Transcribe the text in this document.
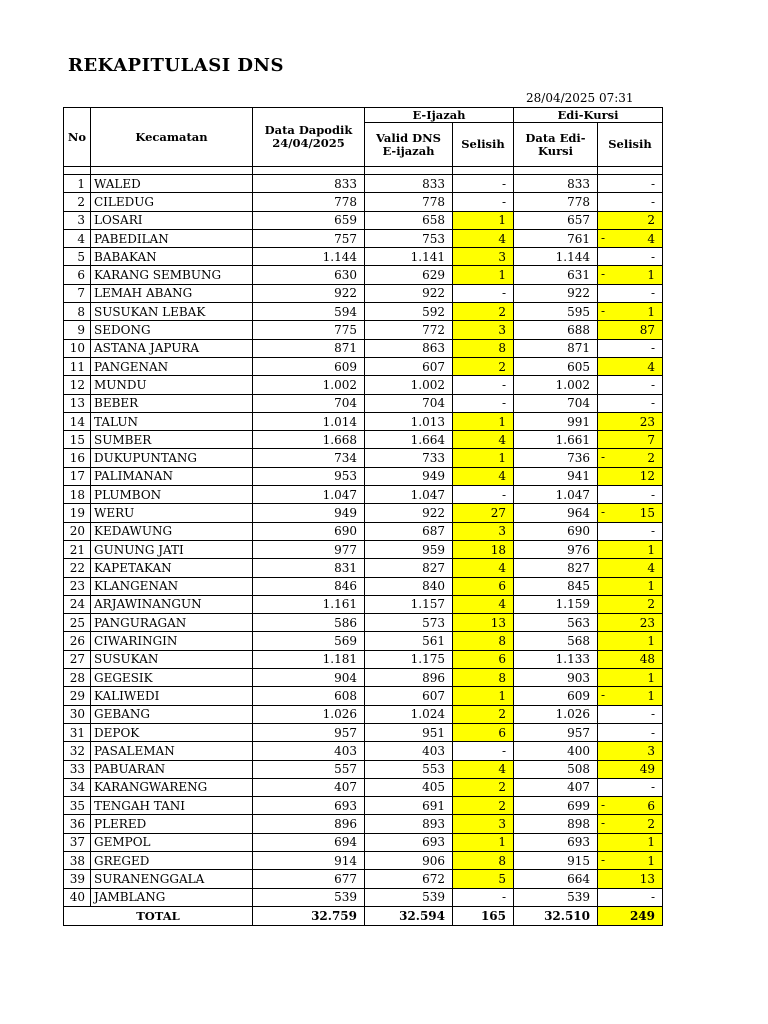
REKAPITULASI DNS
28/04/2025 07:31
No	Kecamatan	Data Dapodik 24/04/2025	E-Ijazah		Edi-Kursi	
			Valid DNS E-ijazah	Selisih	Data Edi-Kursi	Selisih

1	WALED	833	833	-	833	-
2	CILEDUG	778	778	-	778	-
3	LOSARI	659	658	1	657	2
4	PABEDILAN	757	753	4	761	- 4
5	BABAKAN	1.144	1.141	3	1.144	-
6	KARANG SEMBUNG	630	629	1	631	- 1
7	LEMAH ABANG	922	922	-	922	-
8	SUSUKAN LEBAK	594	592	2	595	- 1
9	SEDONG	775	772	3	688	87
10	ASTANA JAPURA	871	863	8	871	-
11	PANGENAN	609	607	2	605	4
12	MUNDU	1.002	1.002	-	1.002	-
13	BEBER	704	704	-	704	-
14	TALUN	1.014	1.013	1	991	23
15	SUMBER	1.668	1.664	4	1.661	7
16	DUKUPUNTANG	734	733	1	736	- 2
17	PALIMANAN	953	949	4	941	12
18	PLUMBON	1.047	1.047	-	1.047	-
19	WERU	949	922	27	964	- 15
20	KEDAWUNG	690	687	3	690	-
21	GUNUNG JATI	977	959	18	976	1
22	KAPETAKAN	831	827	4	827	4
23	KLANGENAN	846	840	6	845	1
24	ARJAWINANGUN	1.161	1.157	4	1.159	2
25	PANGURAGAN	586	573	13	563	23
26	CIWARINGIN	569	561	8	568	1
27	SUSUKAN	1.181	1.175	6	1.133	48
28	GEGESIK	904	896	8	903	1
29	KALIWEDI	608	607	1	609	- 1
30	GEBANG	1.026	1.024	2	1.026	-
31	DEPOK	957	951	6	957	-
32	PASALEMAN	403	403	-	400	3
33	PABUARAN	557	553	4	508	49
34	KARANGWARENG	407	405	2	407	-
35	TENGAH TANI	693	691	2	699	- 6
36	PLERED	896	893	3	898	- 2
37	GEMPOL	694	693	1	693	1
38	GREGED	914	906	8	915	- 1
39	SURANENGGALA	677	672	5	664	13
40	JAMBLANG	539	539	-	539	-
TOTAL		32.759	32.594	165	32.510	249
